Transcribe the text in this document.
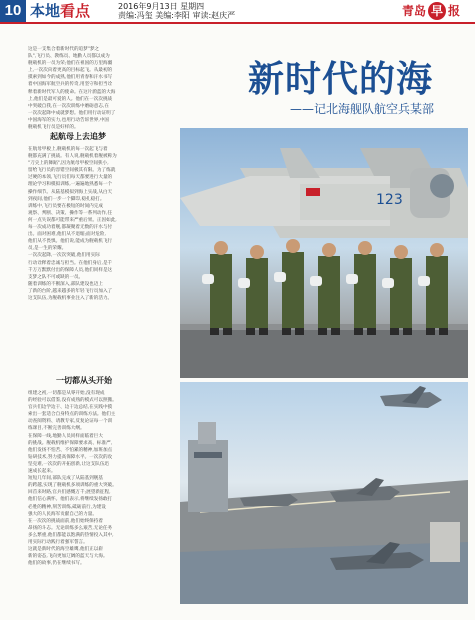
10 本地看点	2016年9月13日 星期四
责编:冯玺 美编:李阳 审读:赵庆严	青岛 早 报
新时代的海
——记北海舰队航空兵某部
这是一支集合着新时代的追梦"梦之
队",飞行员、教练员、地勤人员都以成为
舰载机的一员为荣;他们在祖国的万里海疆
上,一次次向着更高的目标起飞。从最初的
摸索到如今的成熟,他们用青春和汗水书写
着中国海军航空兵的传奇,用坚守和担当诠
释着新时代军人的使命。在这片蔚蓝的大海
上,他们是最可爱的人。他们在一次次挑战
中突破自我,在一次次训练中磨砺意志,在
一次次起降中成就梦想。他们用行动证明了
中国海军的实力,也用行动告诉世界,中国
舰载机飞行员是好样的。
起航母上去追梦
在航母甲板上,舰载机的每一次起飞与着
舰都充满了挑战。有人说,舰载机着舰被称为
"刀尖上的舞蹈",因为航母甲板空间狭小,
留给飞行员的容错空间极其有限。为了练就
过硬的本领,飞行员们每天都要进行大量的
理论学习和模拟训练,一遍遍地熟悉每一个
操作细节。从陆基模拟到海上实战,从白天
到夜间,他们一步一个脚印,稳扎稳打。
训练中,飞行员要在极短的时间内完成
观察、判断、决策、操作等一系列动作,任
何一点失误都可能带来严重后果。正因如此,
每一次成功着舰,都凝聚着无数的汗水与付
出。面对困难,他们从不退缩;面对危险,
他们从不畏惧。他们说,能成为舰载机飞行
员,是一生的荣耀。
一次次起降,一次次突破,他们用实际
行动诠释着忠诚与担当。在他们身后,是千
千万万默默付出的保障人员,他们同样是这
支梦之队不可或缺的一员。
随着训练的不断深入,部队建设也迈上
了新的台阶,越来越多的年轻飞行员加入了
这支队伍,为舰载机事业注入了新的活力。
一切都从头开始
组建之初,一切都是从零开始,没有现成
的经验可以借鉴,没有成熟的模式可以照搬。
官兵们边学边干、边干边总结,在实践中摸
索出一套适合自身特点的训练方法。他们主
动查阅资料、请教专家,反复论证每一个训
练课目,不断完善训练大纲。
在保障一线,地勤人员同样面临着巨大
的挑战。舰载机维护保障要求高、标准严,
他们发扬不怕苦、不怕累的精神,加班加点
钻研技术,努力提高保障水平。一次次的攻
坚克难,一次次的开拓创新,让这支队伍迅
速成长起来。
短短几年间,部队完成了从陆基到舰基
的跨越,实现了舰载机多项训练的重大突破。
回首来时路,官兵们感慨万千;展望新征程,
他们信心满怀。他们表示,将继续发扬敢打
必胜的精神,刻苦训练,砥砺前行,为建设
强大的人民海军贡献自己的力量。
在一次次的挑战面前,他们始终保持着
昂扬的斗志。无论训练多么艰苦,无论任务
多么繁重,他们都能以饱满的热情投入其中,
用实际行动践行着强军誓言。
这就是新时代的海空雄鹰,他们正以崭
新的姿态,飞向更加辽阔的蓝天与大海。
他们的故事,仍在继续书写。
123
